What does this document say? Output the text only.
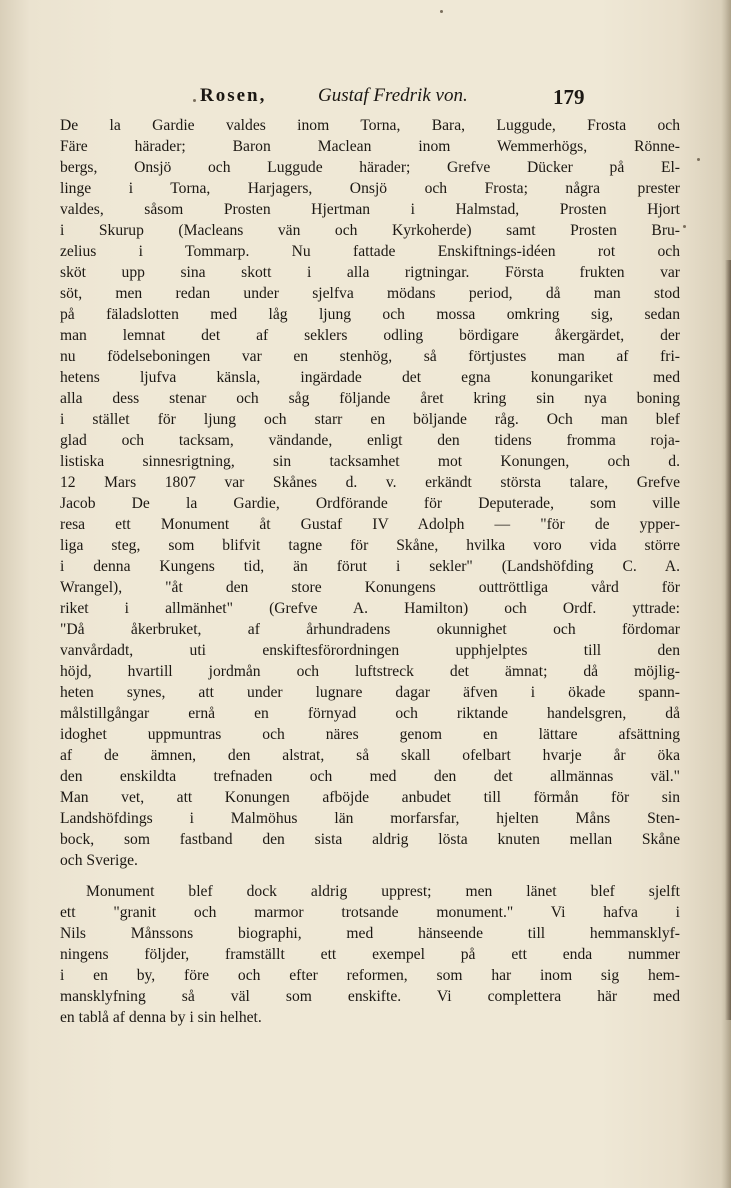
Rosen,	Gustaf Fredrik von.	179
De la Gardie valdes inom Torna, Bara, Luggude, Frosta och
Färe härader; Baron Maclean inom Wemmerhögs, Rönne-
bergs, Onsjö och Luggude härader; Grefve Dücker på El-
linge i Torna, Harjagers, Onsjö och Frosta; några prester
valdes, såsom Prosten Hjertman i Halmstad, Prosten Hjort
i Skurup (Macleans vän och Kyrkoherde) samt Prosten Bru-
zelius i Tommarp. Nu fattade Enskiftnings-idéen rot och
sköt upp sina skott i alla rigtningar. Första frukten var
söt, men redan under sjelfva mödans period, då man stod
på fäladslotten med låg ljung och mossa omkring sig, sedan
man lemnat det af seklers odling bördigare åkergärdet, der
nu födelseboningen var en stenhög, så förtjustes man af fri-
hetens ljufva känsla, ingärdade det egna konungariket med
alla dess stenar och såg följande året kring sin nya boning
i stället för ljung och starr en böljande råg. Och man blef
glad och tacksam, vändande, enligt den tidens fromma roja-
listiska sinnesrigtning, sin tacksamhet mot Konungen, och d.
12 Mars 1807 var Skånes d. v. erkändt största talare, Grefve
Jacob De la Gardie, Ordförande för Deputerade, som ville
resa ett Monument åt Gustaf IV Adolph — "för de ypper-
liga steg, som blifvit tagne för Skåne, hvilka voro vida större
i denna Kungens tid, än förut i sekler" (Landshöfding C. A.
Wrangel), "åt den store Konungens outtröttliga vård för
riket i allmänhet" (Grefve A. Hamilton) och Ordf. yttrade:
"Då åkerbruket, af århundradens okunnighet och fördomar
vanvårdadt, uti enskiftesförordningen upphjelptes till den
höjd, hvartill jordmån och luftstreck det ämnat; då möjlig-
heten synes, att under lugnare dagar äfven i ökade spann-
målstillgångar ernå en förnyad och riktande handelsgren, då
idoghet uppmuntras och näres genom en lättare afsättning
af de ämnen, den alstrat, så skall ofelbart hvarje år öka
den enskildta trefnaden och med den det allmännas väl."
Man vet, att Konungen afböjde anbudet till förmån för sin
Landshöfdings i Malmöhus län morfarsfar, hjelten Måns Sten-
bock, som fastband den sista aldrig lösta knuten mellan Skåne
och Sverige.
Monument blef dock aldrig upprest; men länet blef sjelft
ett "granit och marmor trotsande monument." Vi hafva i
Nils Månssons biographi, med hänseende till hemmansklyf-
ningens följder, framställt ett exempel på ett enda nummer
i en by, före och efter reformen, som har inom sig hem-
mansklyfning så väl som enskifte. Vi complettera här med
en tablå af denna by i sin helhet.
